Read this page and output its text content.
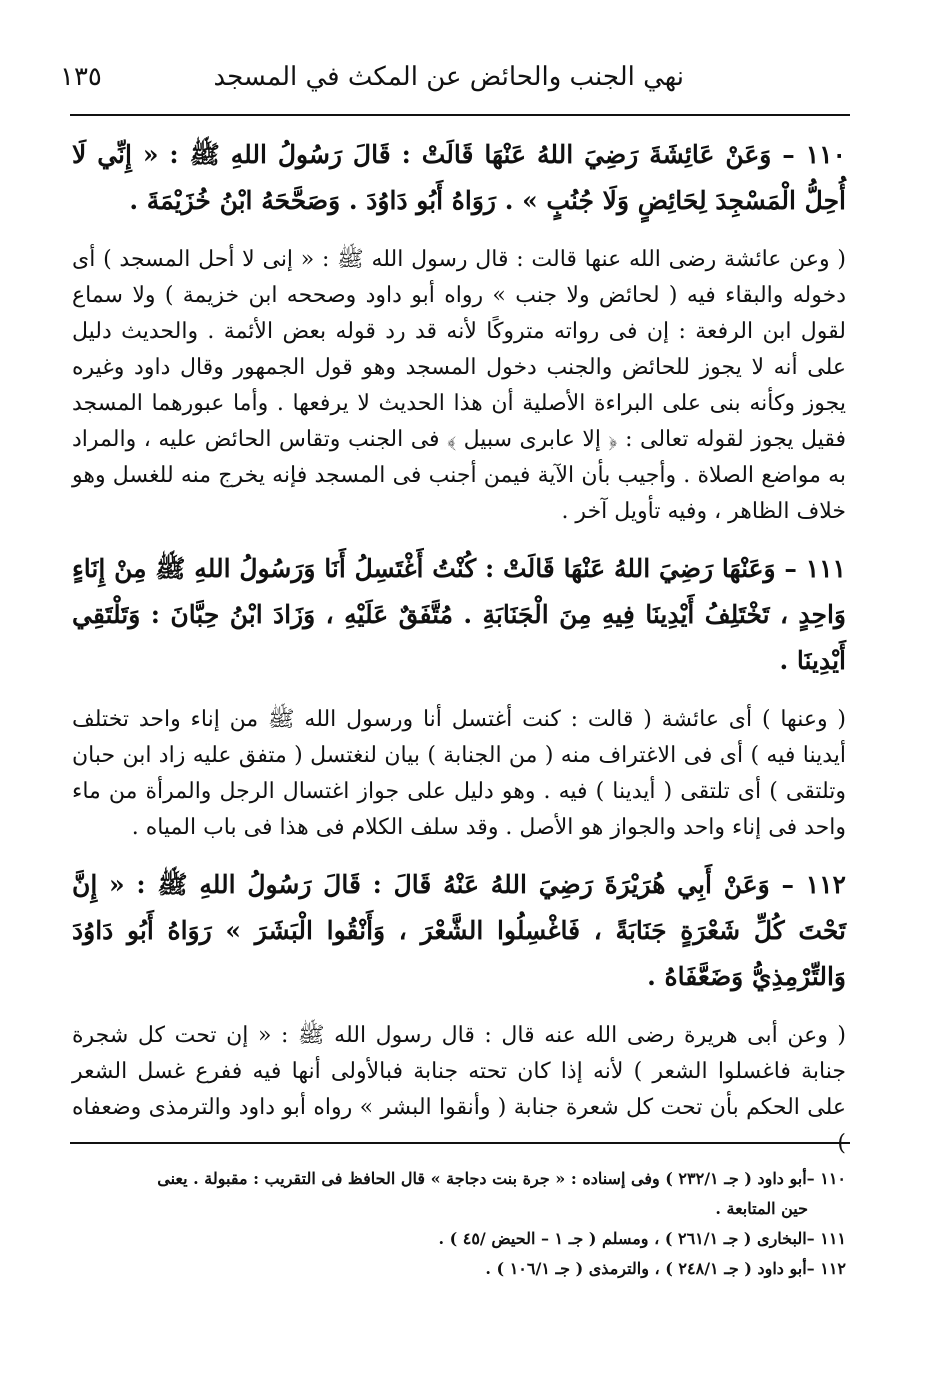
١٣٥	نهي الجنب والحائض عن المكث في المسجد

١١٠ – وَعَنْ عَائِشَةَ رَضِيَ اللهُ عَنْهَا قَالَتْ : قَالَ رَسُولُ اللهِ ﷺ : « إِنِّي لَا أُحِلُّ الْمَسْجِدَ لِحَائِضٍ وَلَا جُنُبٍ » . رَوَاهُ أَبُو دَاوُدَ . وَصَحَّحَهُ ابْنُ خُزَيْمَةَ .

( وعن عائشة رضى الله عنها قالت : قال رسول الله ﷺ : « إنى لا أحل المسجد ) أى دخوله والبقاء فيه ( لحائض ولا جنب » رواه أبو داود وصححه ابن خزيمة ) ولا سماع لقول ابن الرفعة : إن فى رواته متروكًا لأنه قد رد قوله بعض الأئمة . والحديث دليل على أنه لا يجوز للحائض والجنب دخول المسجد وهو قول الجمهور وقال داود وغيره يجوز وكأنه بنى على البراءة الأصلية أن هذا الحديث لا يرفعها . وأما عبورهما المسجد فقيل يجوز لقوله تعالى : ﴿ إلا عابرى سبيل ﴾ فى الجنب وتقاس الحائض عليه ، والمراد به مواضع الصلاة . وأجيب بأن الآية فيمن أجنب فى المسجد فإنه يخرج منه للغسل وهو خلاف الظاهر ، وفيه تأويل آخر .

١١١ – وَعَنْهَا رَضِيَ اللهُ عَنْهَا قَالَتْ : كُنْتُ أَغْتَسِلُ أَنَا وَرَسُولُ اللهِ ﷺ مِنْ إِنَاءٍ وَاحِدٍ ، تَخْتَلِفُ أَيْدِينَا فِيهِ مِنَ الْجَنَابَةِ . مُتَّفَقٌ عَلَيْهِ ، وَزَادَ ابْنُ حِبَّانَ : وَتَلْتَقِي أَيْدِينَا .

( وعنها ) أى عائشة ( قالت : كنت أغتسل أنا ورسول الله ﷺ من إناء واحد تختلف أيدينا فيه ) أى فى الاغتراف منه ( من الجنابة ) بيان لنغتسل ( متفق عليه زاد ابن حبان وتلتقى ) أى تلتقى ( أيدينا ) فيه . وهو دليل على جواز اغتسال الرجل والمرأة من ماء واحد فى إناء واحد والجواز هو الأصل . وقد سلف الكلام فى هذا فى باب المياه .

١١٢ – وَعَنْ أَبِي هُرَيْرَةَ رَضِيَ اللهُ عَنْهُ قَالَ : قَالَ رَسُولُ اللهِ ﷺ : « إِنَّ تَحْتَ كُلِّ شَعْرَةٍ جَنَابَةً ، فَاغْسِلُوا الشَّعْرَ ، وَأَنْقُوا الْبَشَرَ » رَوَاهُ أَبُو دَاوُدَ وَالتِّرْمِذِيُّ وَضَعَّفَاهُ .

( وعن أبى هريرة رضى الله عنه قال : قال رسول الله ﷺ : « إن تحت كل شجرة جنابة فاغسلوا الشعر ) لأنه إذا كان تحته جنابة فبالأولى أنها فيه ففرع غسل الشعر على الحكم بأن تحت كل شعرة جنابة ( وأنقوا البشر » رواه أبو داود والترمذى وضعفاه

١١٠ –أبو داود ( جـ ٢٣٢/١ ) وفى إسناده : « جرة بنت دجاجة » قال الحافظ فى التقريب : مقبولة . يعنى
حين المتابعة .

١١١ –البخارى ( جـ ٢٦١/١ ) ، ومسلم ( جـ ١ – الحيض /٤٥ ) .

١١٢ –أبو داود ( جـ ٢٤٨/١ ) ، والترمذى ( جـ ١٠٦/١ ) .
